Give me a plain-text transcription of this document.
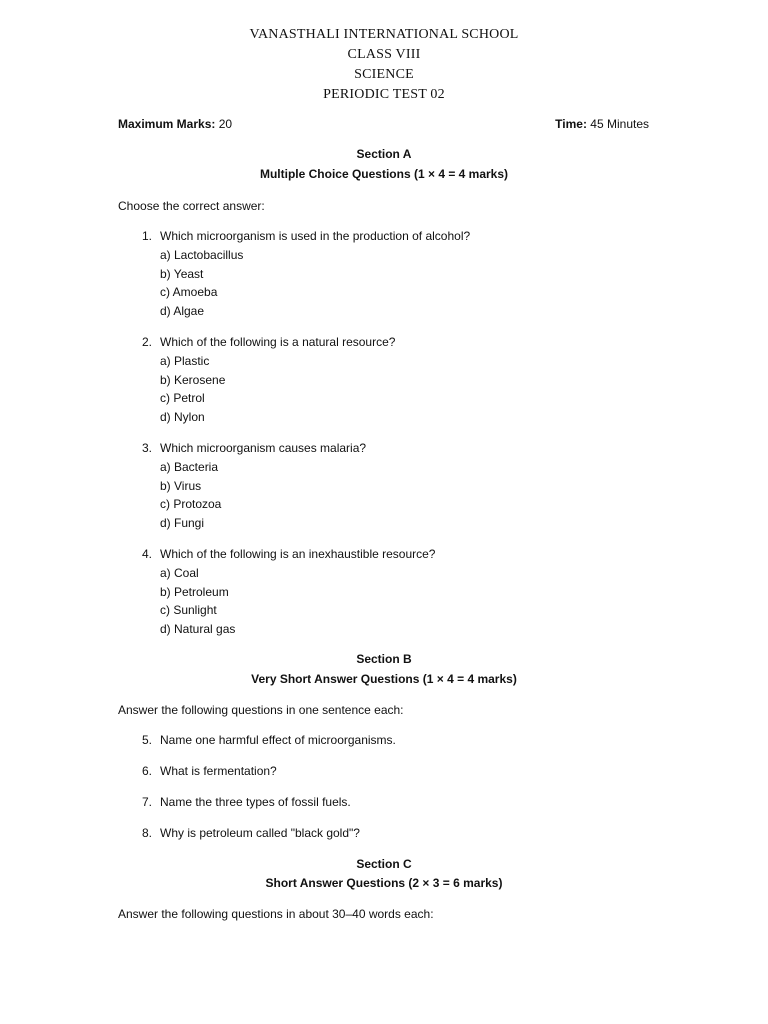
VANASTHALI INTERNATIONAL SCHOOL
CLASS VIII
SCIENCE
PERIODIC TEST 02
Maximum Marks: 20	Time: 45 Minutes
Section A
Multiple Choice Questions (1 × 4 = 4 marks)
Choose the correct answer:
1. Which microorganism is used in the production of alcohol?
a) Lactobacillus
b) Yeast
c) Amoeba
d) Algae
2. Which of the following is a natural resource?
a) Plastic
b) Kerosene
c) Petrol
d) Nylon
3. Which microorganism causes malaria?
a) Bacteria
b) Virus
c) Protozoa
d) Fungi
4. Which of the following is an inexhaustible resource?
a) Coal
b) Petroleum
c) Sunlight
d) Natural gas
Section B
Very Short Answer Questions (1 × 4 = 4 marks)
Answer the following questions in one sentence each:
5. Name one harmful effect of microorganisms.
6. What is fermentation?
7. Name the three types of fossil fuels.
8. Why is petroleum called "black gold"?
Section C
Short Answer Questions (2 × 3 = 6 marks)
Answer the following questions in about 30–40 words each:
